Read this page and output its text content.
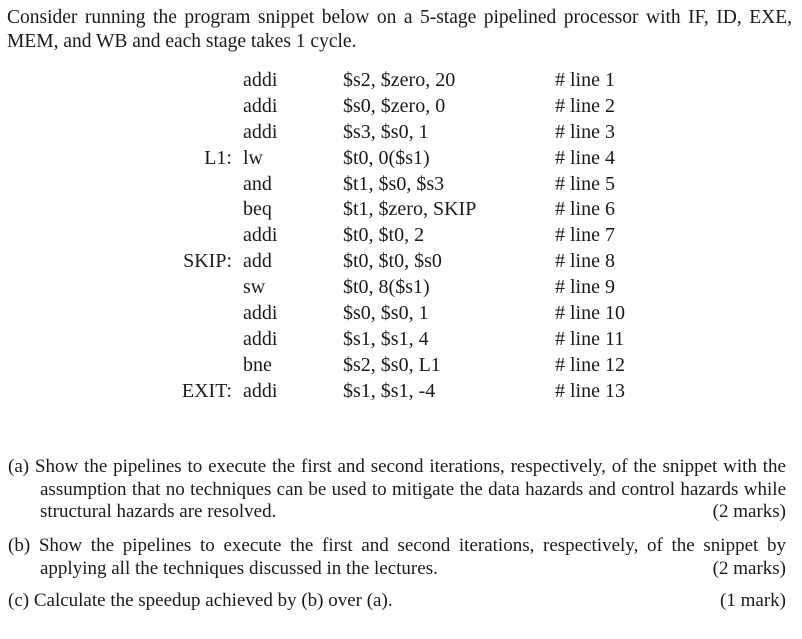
Consider running the program snippet below on a 5-stage pipelined processor with IF, ID, EXE, MEM, and WB and each stage takes 1 cycle.
addi	$s2, $zero, 20	# line 1
addi	$s0, $zero, 0	# line 2
addi	$s3, $s0, 1	# line 3
L1: lw	$t0, 0($s1)	# line 4
and	$t1, $s0, $s3	# line 5
beq	$t1, $zero, SKIP	# line 6
addi	$t0, $t0, 2	# line 7
SKIP: add	$t0, $t0, $s0	# line 8
sw	$t0, 8($s1)	# line 9
addi	$s0, $s0, 1	# line 10
addi	$s1, $s1, 4	# line 11
bne	$s2, $s0, L1	# line 12
EXIT: addi	$s1, $s1, -4	# line 13
(a) Show the pipelines to execute the first and second iterations, respectively, of the snippet with the assumption that no techniques can be used to mitigate the data hazards and control hazards while structural hazards are resolved.	(2 marks)
(b) Show the pipelines to execute the first and second iterations, respectively, of the snippet by applying all the techniques discussed in the lectures.	(2 marks)
(c) Calculate the speedup achieved by (b) over (a).	(1 mark)
